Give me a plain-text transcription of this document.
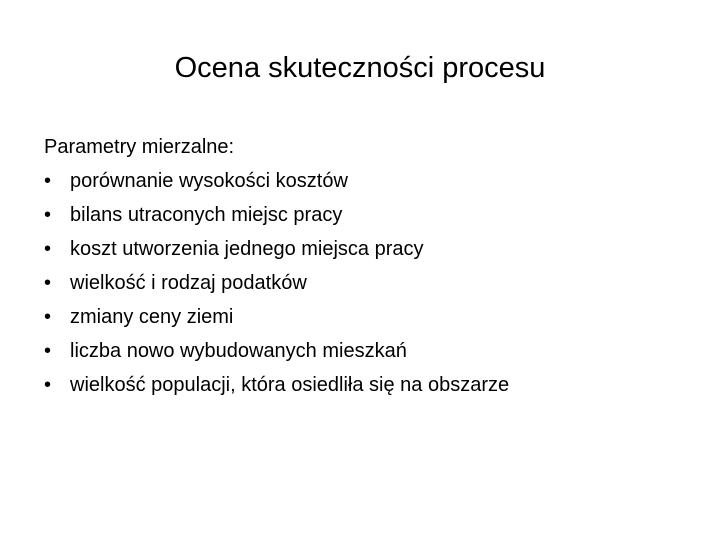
Ocena skuteczności procesu
Parametry mierzalne:
• porównanie wysokości kosztów
• bilans utraconych miejsc pracy
• koszt utworzenia jednego miejsca pracy
• wielkość i rodzaj podatków
• zmiany ceny ziemi
• liczba nowo wybudowanych mieszkań
• wielkość populacji, która osiedliła się na obszarze
